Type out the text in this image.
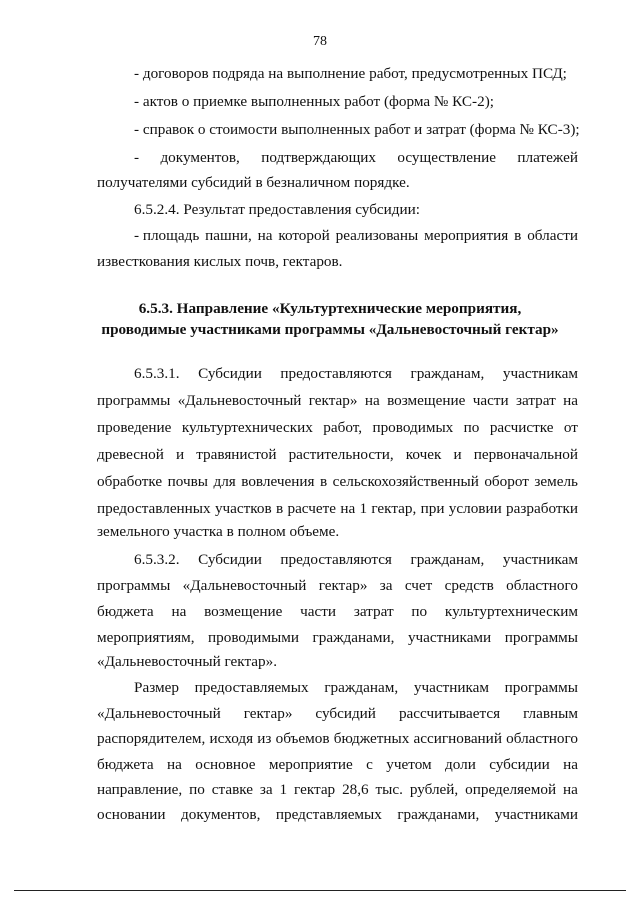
78
- договоров подряда на выполнение работ, предусмотренных ПСД;
- актов о приемке выполненных работ (форма № КС-2);
- справок о стоимости выполненных работ и затрат (форма № КС-3);
- документов, подтверждающих осуществление платежей
получателями субсидий в безналичном порядке.
6.5.2.4. Результат предоставления субсидии:
- площадь пашни, на которой реализованы мероприятия в области
известкования кислых почв, гектаров.
6.5.3. Направление «Культуртехнические мероприятия,
проводимые участниками программы «Дальневосточный гектар»
6.5.3.1. Субсидии предоставляются гражданам, участникам
программы «Дальневосточный гектар» на возмещение части затрат на
проведение культуртехнических работ, проводимых по расчистке от
древесной и травянистой растительности, кочек и первоначальной
обработке почвы для вовлечения в сельскохозяйственный оборот земель
предоставленных участков в расчете на 1 гектар, при условии разработки
земельного участка в полном объеме.
6.5.3.2. Субсидии предоставляются гражданам, участникам
программы «Дальневосточный гектар» за счет средств областного
бюджета на возмещение части затрат по культуртехническим
мероприятиям, проводимыми гражданами, участниками программы
«Дальневосточный гектар».
Размер предоставляемых гражданам, участникам программы
«Дальневосточный гектар» субсидий рассчитывается главным
распорядителем, исходя из объемов бюджетных ассигнований областного
бюджета на основное мероприятие с учетом доли субсидии на
направление, по ставке за 1 гектар 28,6 тыс. рублей, определяемой на
основании документов, представляемых гражданами, участниками
